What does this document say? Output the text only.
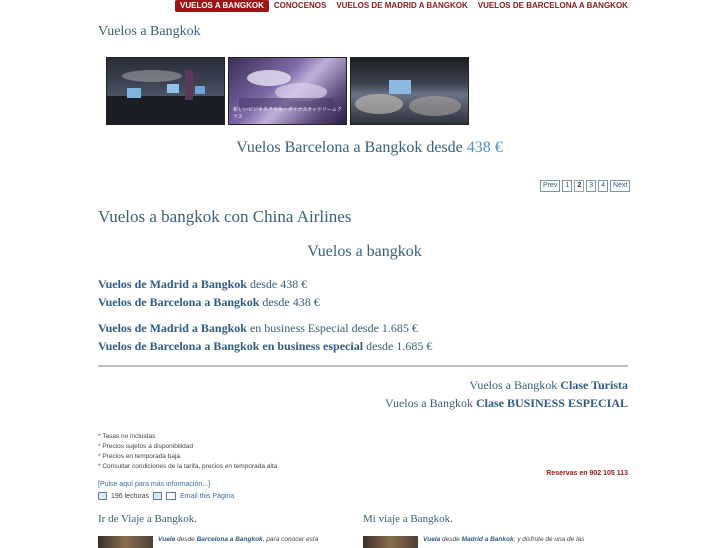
VUELOS A BANGKOK	CONOCENOS	VUELOS DE MADRID A BANGKOK	VUELOS DE BARCELONA A BANGKOK
Vuelos a Bangkok
新しいビジネスクラス・ダイナスティドリームクラス
Vuelos Barcelona a Bangkok desde 438 €
Prev	1	2	3	4	Next
Vuelos a bangkok con China Airlines
Vuelos a bangkok
Vuelos de Madrid a Bangkok desde 438 €
Vuelos de Barcelona a Bangkok desde 438 €
Vuelos de Madrid a Bangkok en business Especial desde 1.685 €
Vuelos de Barcelona a Bangkok en business especial desde 1.685 €
Vuelos a Bangkok Clase Turista
Vuelos a Bangkok Clase BUSINESS ESPECIAL
* Tasas no incluidas
* Precios sujetos a disponibilidad
* Precios en temporada baja.
* Consultar condiciones de la tarifa, precios en temporada alta
Reservas en 902 105 113
[Pulse aquí para más información...]
196 lecturas	Email this Página
Ir de Viaje a Bangkok.	Mi viaje a Bangkok.
Vuele desde Barcelona a Bangkok, para conocer esta	Vuela desde Madrid a Bankok, y disfrute de una de las
